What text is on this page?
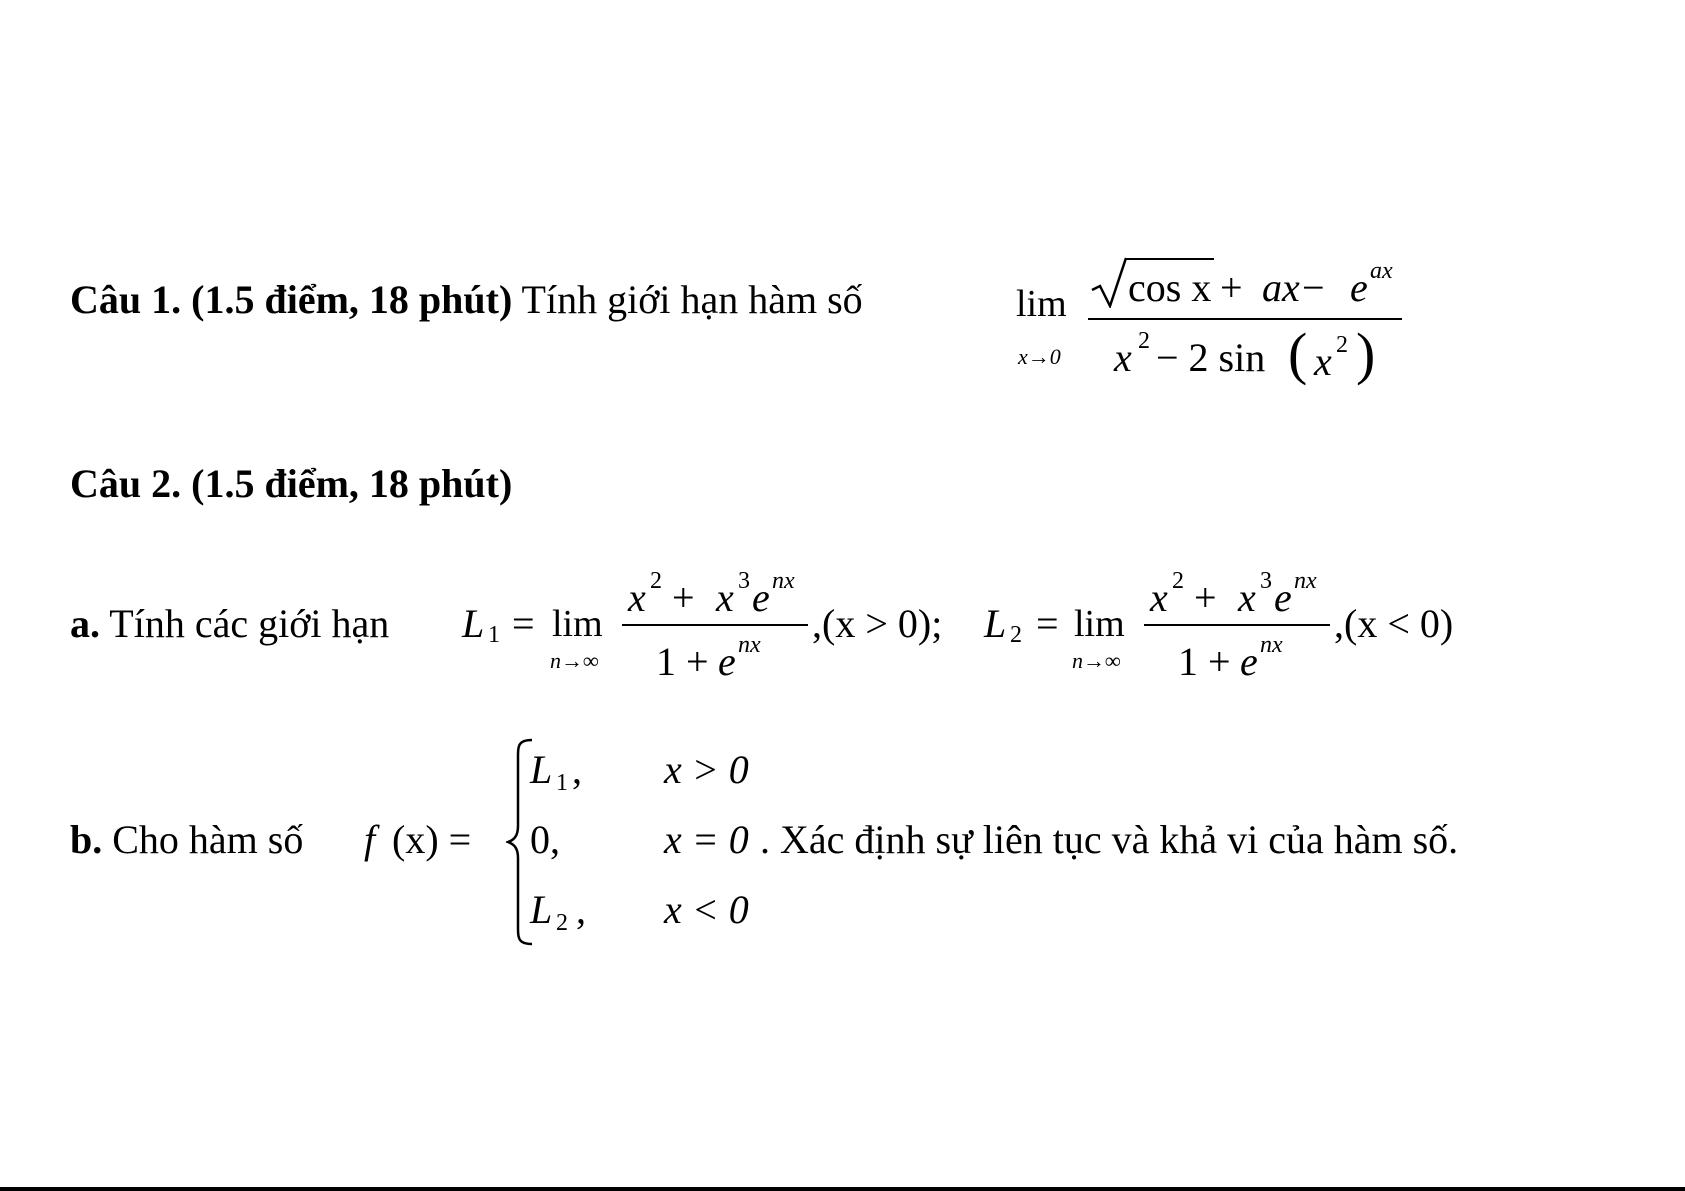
Câu 1. (1.5 điểm, 18 phút) Tính giới hạn hàm số	lim
x→0
cos x + ax − e ax
x 2 − 2 sin ( x 2 )
Câu 2. (1.5 điểm, 18 phút)
a. Tính các giới hạn L 1 = lim
n→∞
x 2 + x 3 e nx
1 + e nx ,(x > 0); L 2 = lim
n→∞
x 2 + x 3 e nx
1 + e nx ,(x < 0)
b. Cho hàm số f (x) =
L 1 , x > 0
0,	x = 0 . Xác định sự liên tục và khả vi của hàm số.
L 2 , x < 0
